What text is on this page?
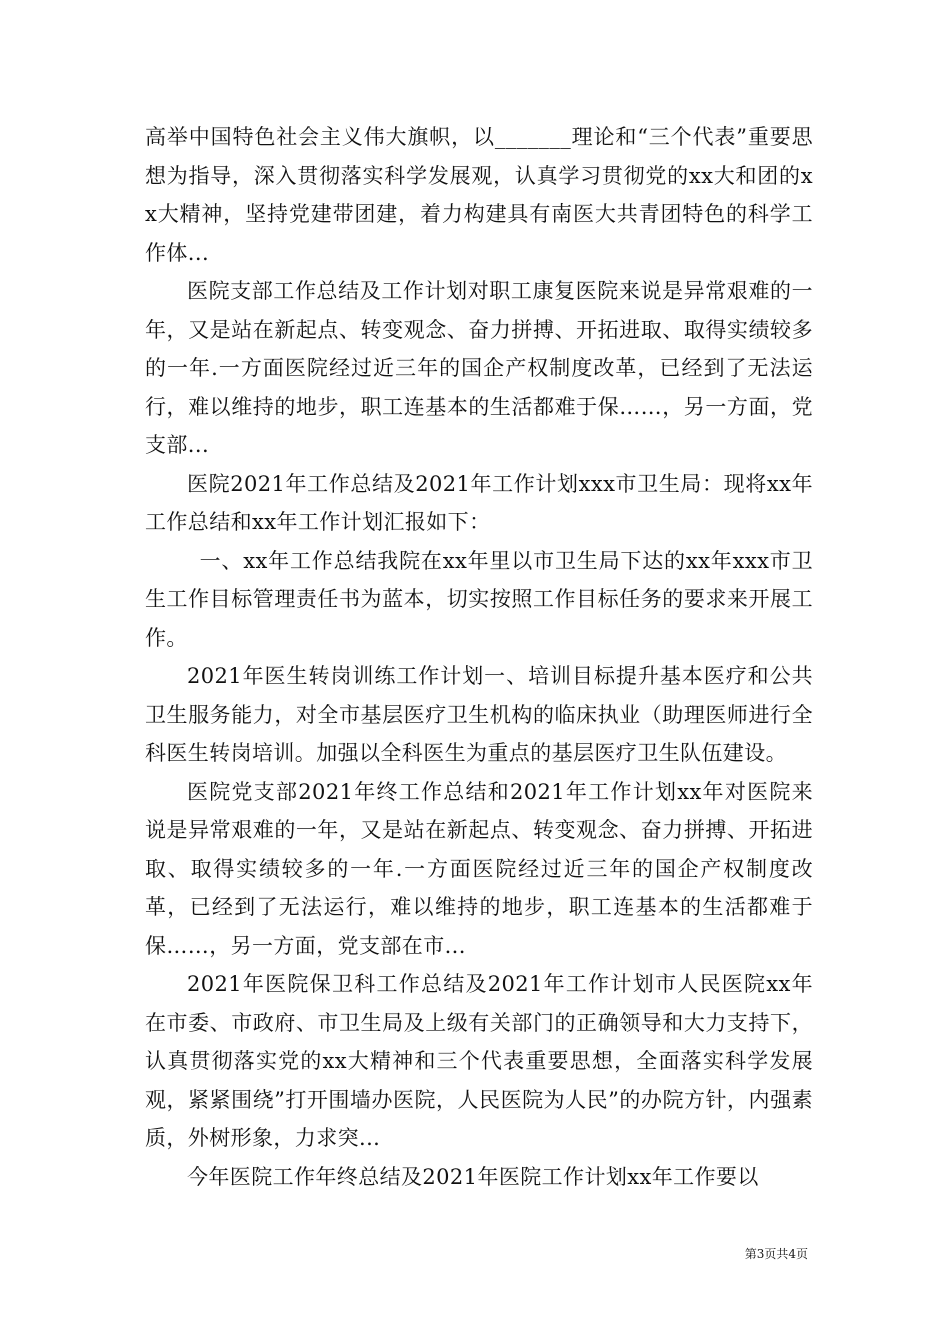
高举中国特色社会主义伟大旗帜，以_______理论和“三个代表”重要思想为指导，深入贯彻落实科学发展观，认真学习贯彻党的xx大和团的xx大精神，坚持党建带团建，着力构建具有南医大共青团特色的科学工作体...

医院支部工作总结及工作计划对职工康复医院来说是异常艰难的一年，又是站在新起点、转变观念、奋力拼搏、开拓进取、取得实绩较多的一年.一方面医院经过近三年的国企产权制度改革，已经到了无法运行，难以维持的地步，职工连基本的生活都难于保……，另一方面，党支部...

医院2021年工作总结及2021年工作计划xxx市卫生局：现将xx年工作总结和xx年工作计划汇报如下：

一、xx年工作总结我院在xx年里以市卫生局下达的xx年xxx市卫生工作目标管理责任书为蓝本，切实按照工作目标任务的要求来开展工作。

2021年医生转岗训练工作计划一、培训目标提升基本医疗和公共卫生服务能力，对全市基层医疗卫生机构的临床执业（助理医师进行全科医生转岗培训。加强以全科医生为重点的基层医疗卫生队伍建设。

医院党支部2021年终工作总结和2021年工作计划xx年对医院来说是异常艰难的一年，又是站在新起点、转变观念、奋力拼搏、开拓进取、取得实绩较多的一年.一方面医院经过近三年的国企产权制度改革，已经到了无法运行，难以维持的地步，职工连基本的生活都难于保……，另一方面，党支部在市...

2021年医院保卫科工作总结及2021年工作计划市人民医院xx年在市委、市政府、市卫生局及上级有关部门的正确领导和大力支持下，认真贯彻落实党的xx大精神和三个代表重要思想，全面落实科学发展观，紧紧围绕”打开围墙办医院，人民医院为人民”的办院方针，内强素质，外树形象，力求突...

今年医院工作年终总结及2021年医院工作计划xx年工作要以

第3页共4页
